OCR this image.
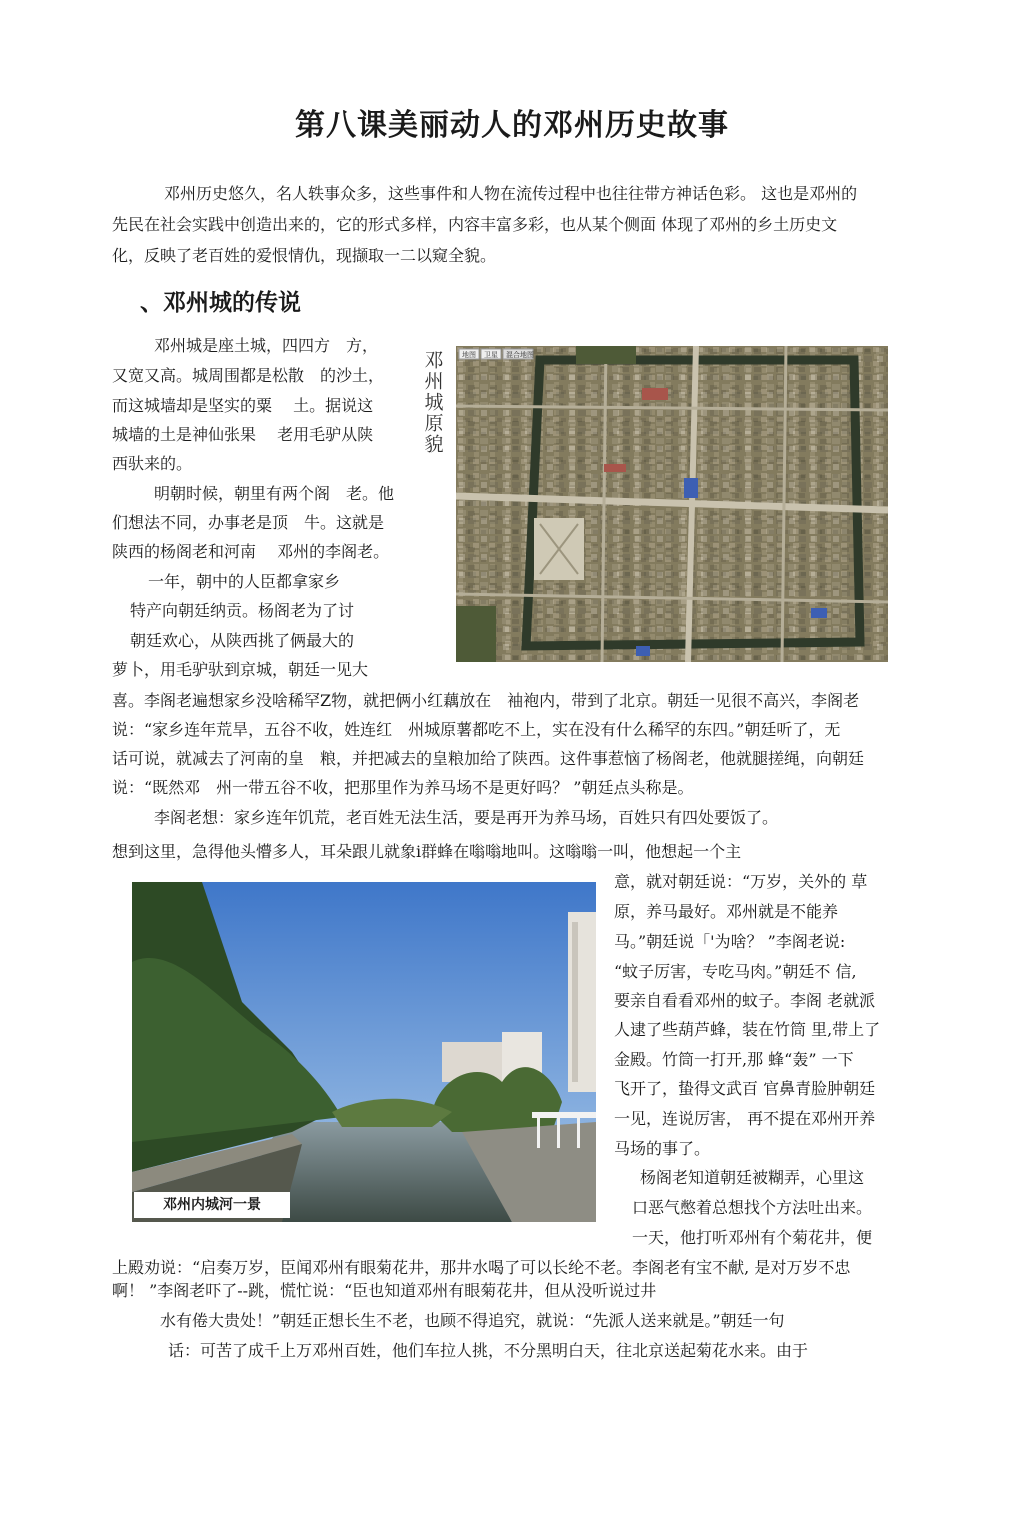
第八课美丽动人的邓州历史故事
邓州历史悠久，名人轶事众多，这些事件和人物在流传过程中也往往带方神话色彩。 这也是邓州的
先民在社会实践中创造出来的，它的形式多样，内容丰富多彩，也从某个侧面 体现了邓州的乡土历史文
化，反映了老百姓的爱恨情仇，现撷取一二以窥全貌。
、邓州城的传说
地图 卫星 混合地图
邓州城原貌

邓州城是座土城，四四方　方，

又宽又高。城周围都是松散　的沙土，

而这城墙却是坚实的粟　 土。据说这

城墙的土是神仙张果　 老用毛驴从陕

西驮来的。

明朝时候，朝里有两个阁　老。他

们想法不同，办事老是顶　牛。这就是

陕西的杨阁老和河南　 邓州的李阁老。

一年，朝中的人臣都拿家乡

特产向朝廷纳贡。杨阁老为了讨

朝廷欢心，从陕西挑了俩最大的

萝卜，用毛驴驮到京城，朝廷一见大

喜。李阁老遍想家乡没啥稀罕Z物，就把俩小红藕放在　袖袍内，带到了北京。朝廷一见很不高兴，李阁老

说：“家乡连年荒旱，五谷不收，姓连红　州城原薯都吃不上，实在没有什么稀罕的东四。”朝廷听了，无

话可说，就减去了河南的皇　粮，并把减去的皇粮加给了陕西。这件事惹恼了杨阁老，他就腿搓绳，向朝廷

说：“既然邓　州一带五谷不收，把那里作为养马场不是更好吗？ ”朝廷点头称是。

李阁老想：家乡连年饥荒，老百姓无法生活，要是再开为养马场，百姓只有四处要饭了。

想到这里，急得他头懵多人，耳朵跟儿就象i群蜂在嗡嗡地叫。这嗡嗡一叫，他想起一个主

邓州内城河一景

意，就对朝廷说：“万岁，关外的 草

原，养马最好。邓州就是不能养

马。”朝廷说「'为啥？ ”李阁老说:

“蚊子厉害，专吃马肉。”朝廷不 信,

要亲自看看邓州的蚊子。李阁 老就派

人逮了些葫芦蜂，装在竹筒 里,带上了

金殿。竹筒一打开,那 蜂“轰” 一下

飞开了，蛰得文武百 官鼻青脸肿朝廷

一见，连说厉害， 再不提在邓州开养

马场的事了。

杨阁老知道朝廷被糊弄，心里这

口恶气憋着总想找个方法吐出来。

一天，他打听邓州有个菊花井，便

上殿劝说：“启奏万岁，臣闻邓州有眼菊花井，那井水喝了可以长纶不老。李阁老有宝不献, 是对万岁不忠

啊！ ”李阁老吓了--跳，慌忙说：“臣也知道邓州有眼菊花井，但从没听说过井

水有倦大贵处！”朝廷正想长生不老，也顾不得追究，就说：“先派人送来就是。”朝廷一句

话：可苦了成千上万邓州百姓，他们车拉人挑，不分黑明白天，往北京送起菊花水来。由于
